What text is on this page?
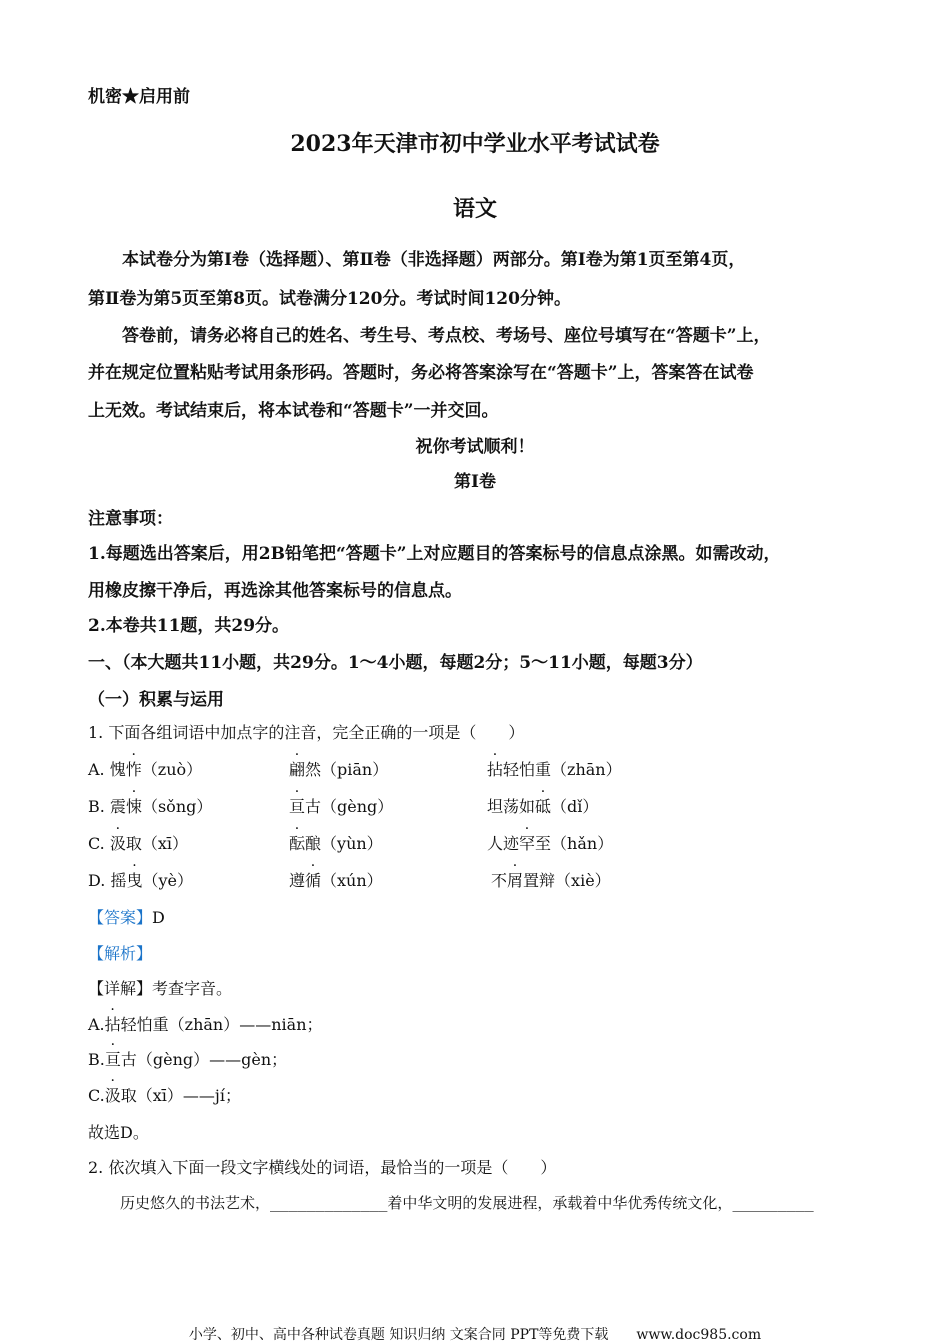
机密★启用前
2023年天津市初中学业水平考试试卷
语文
本试卷分为第Ⅰ卷（选择题）、第Ⅱ卷（非选择题）两部分。第Ⅰ卷为第1页至第4页，
第Ⅱ卷为第5页至第8页。试卷满分120分。考试时间120分钟。
答卷前，请务必将自己的姓名、考生号、考点校、考场号、座位号填写在“答题卡”上，
并在规定位置粘贴考试用条形码。答题时，务必将答案涂写在“答题卡”上，答案答在试卷
上无效。考试结束后，将本试卷和“答题卡”一并交回。
祝你考试顺利！
第Ⅰ卷
注意事项：
1.每题选出答案后，用2B铅笔把“答题卡”上对应题目的答案标号的信息点涂黑。如需改动，
用橡皮擦干净后，再选涂其他答案标号的信息点。
2.本卷共11题，共29分。
一、（本大题共11小题，共29分。1～4小题，每题2分；5～11小题，每题3分）
（一）积累与运用
1. 下面各组词语中加点字的注音，完全正确的一项是（　　）
A. 愧怍（zuò）	翩然（piān）	拈轻怕重（zhān）
B. 震悚（sǒng）	亘古（gèng）	坦荡如砥（dǐ）
C. 汲取（xī）	酝酿（yùn）	人迹罕至（hǎn）
D. 摇曳（yè）	遵循（xún）	不屑置辩（xiè）
【答案】D
【解析】
【详解】考查字音。
A.拈轻怕重（zhān）——niān；
B.亘古（gèng）——gèn；
C.汲取（xī）——jí；
故选D。
2. 依次填入下面一段文字横线处的词语，最恰当的一项是（　　）
历史悠久的书法艺术，_____________着中华文明的发展进程，承载着中华优秀传统文化，_________
小学、初中、高中各种试卷真题 知识归纳 文案合同 PPT等免费下载　　www.doc985.com
